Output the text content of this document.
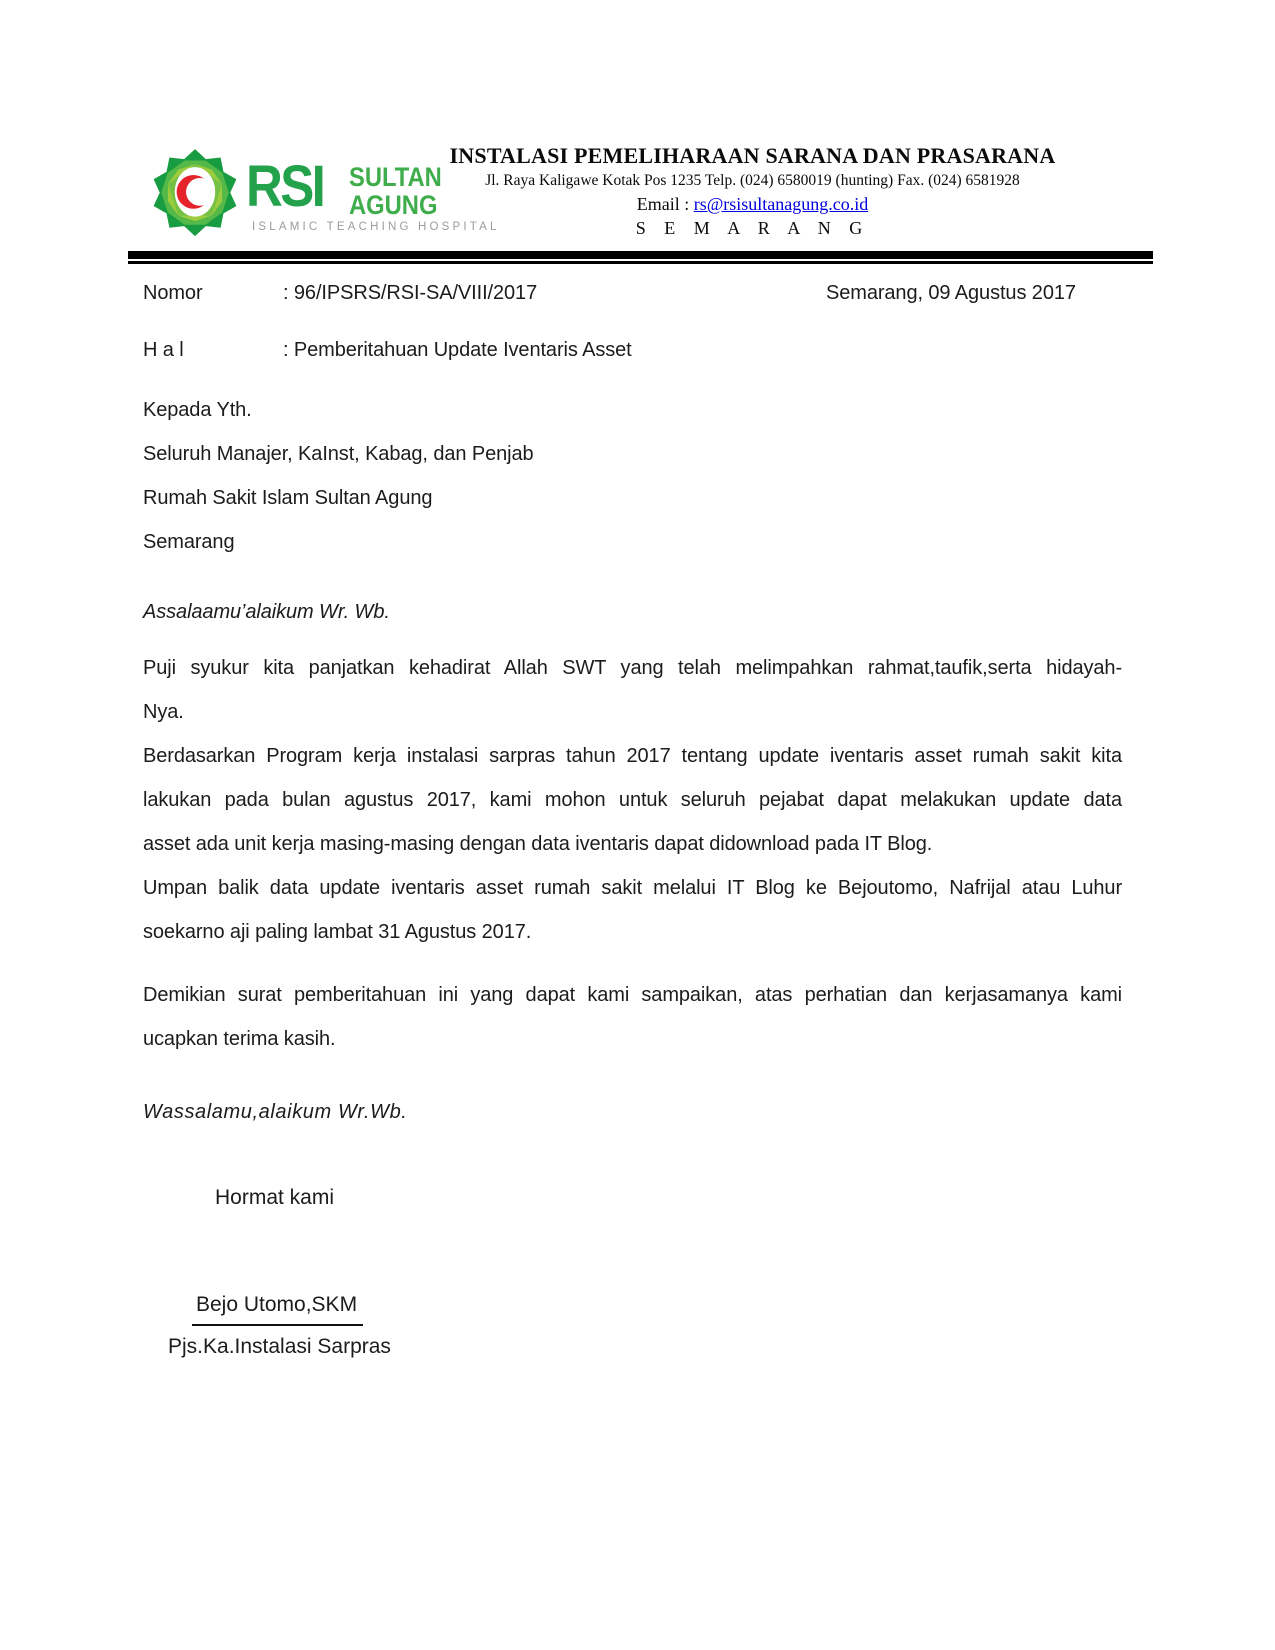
RSI SULTAN
AGUNG
ISLAMIC TEACHING HOSPITAL
INSTALASI PEMELIHARAAN SARANA DAN PRASARANA
Jl. Raya Kaligawe Kotak Pos 1235 Telp. (024) 6580019 (hunting) Fax. (024) 6581928
Email : rs@rsisultanagung.co.id
S E M A R A N G
Nomor	: 96/IPSRS/RSI-SA/VIII/2017	Semarang, 09 Agustus 2017
H a l	: Pemberitahuan Update Iventaris Asset
Kepada Yth.
Seluruh Manajer, KaInst, Kabag, dan Penjab
Rumah Sakit Islam Sultan Agung
Semarang
Assalaamu’alaikum Wr. Wb.
Puji syukur kita panjatkan kehadirat Allah SWT yang telah melimpahkan rahmat,taufik,serta hidayah-
Nya.
Berdasarkan Program kerja instalasi sarpras tahun 2017 tentang update iventaris asset rumah sakit kita
lakukan pada bulan agustus 2017, kami mohon untuk seluruh pejabat dapat melakukan update data
asset ada unit kerja masing-masing dengan data iventaris dapat didownload pada IT Blog.
Umpan balik data update iventaris asset rumah sakit melalui IT Blog ke Bejoutomo, Nafrijal atau Luhur
soekarno aji paling lambat 31 Agustus 2017.
Demikian surat pemberitahuan ini yang dapat kami sampaikan, atas perhatian dan kerjasamanya kami
ucapkan terima kasih.
Wassalamu,alaikum Wr.Wb.
Hormat kami
Bejo Utomo,SKM
Pjs.Ka.Instalasi Sarpras
